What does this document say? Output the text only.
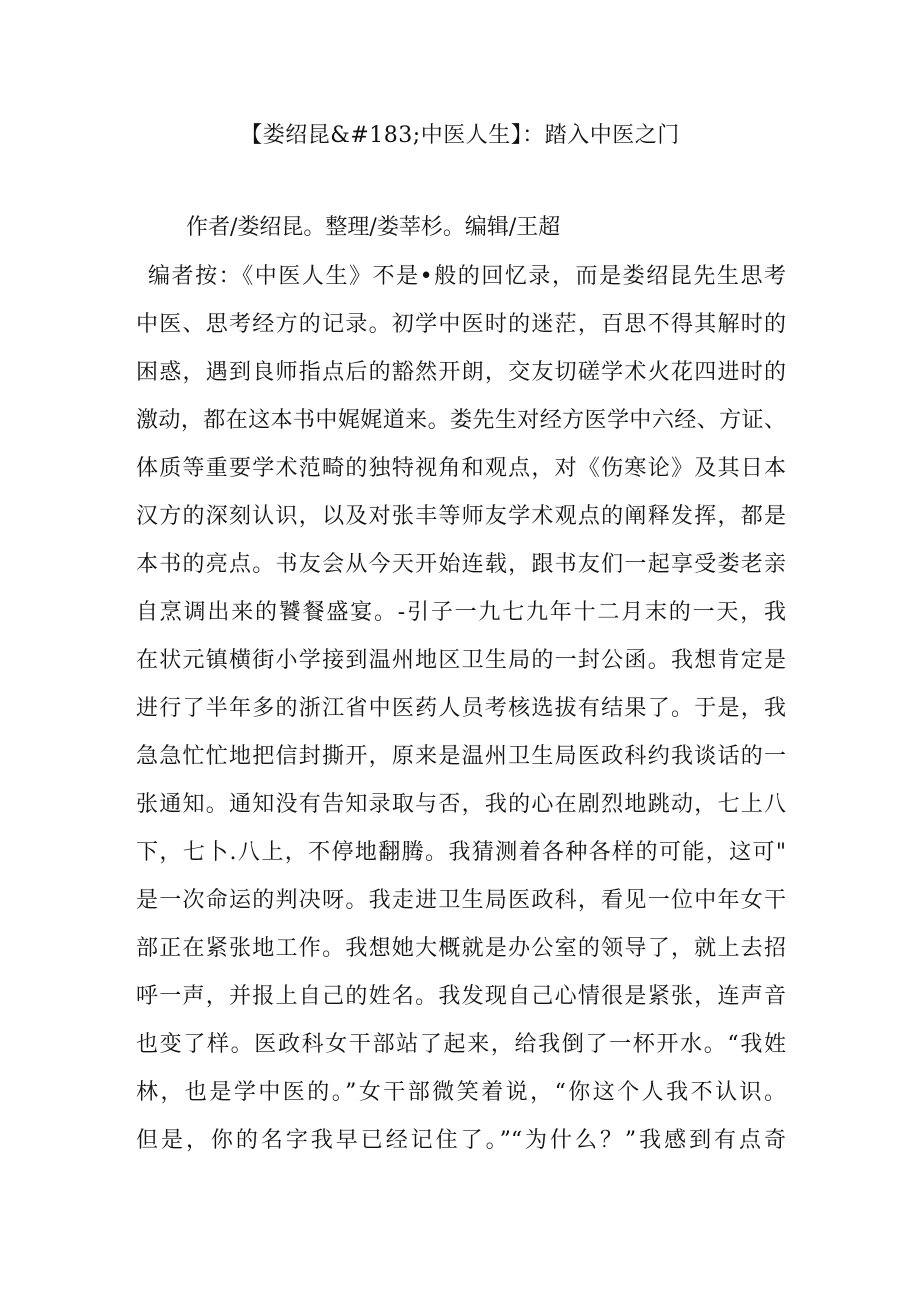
【娄绍昆&#183;中医人生】：踏入中医之门
作者/娄绍昆。整理/娄莘杉。编辑/王超
编者按：《中医人生》不是•般的回忆录，而是娄绍昆先生思考
中医、思考经方的记录。初学中医时的迷茫，百思不得其解时的
困惑，遇到良师指点后的豁然开朗，交友切磋学术火花四进时的
激动，都在这本书中娓娓道来。娄先生对经方医学中六经、方证、
体质等重要学术范畸的独特视角和观点，对《伤寒论》及其日本
汉方的深刻认识，以及对张丰等师友学术观点的阐释发挥，都是
本书的亮点。书友会从今天开始连载，跟书友们一起享受娄老亲
自烹调出来的饕餐盛宴。-引子一九七九年十二月末的一天，我
在状元镇横街小学接到温州地区卫生局的一封公函。我想肯定是
进行了半年多的浙江省中医药人员考核选拔有结果了。于是，我
急急忙忙地把信封撕开，原来是温州卫生局医政科约我谈话的一
张通知。通知没有告知录取与否，我的心在剧烈地跳动，七上八
下，七卜.八上，不停地翻腾。我猜测着各种各样的可能，这可"
是一次命运的判决呀。我走进卫生局医政科，看见一位中年女干
部正在紧张地工作。我想她大概就是办公室的领导了，就上去招
呼一声，并报上自己的姓名。我发现自己心情很是紧张，连声音
也变了样。医政科女干部站了起来，给我倒了一杯开水。“我姓
林，也是学中医的。”女干部微笑着说，“你这个人我不认识。
但是，你的名字我早已经记住了。”“为什么？”我感到有点奇
